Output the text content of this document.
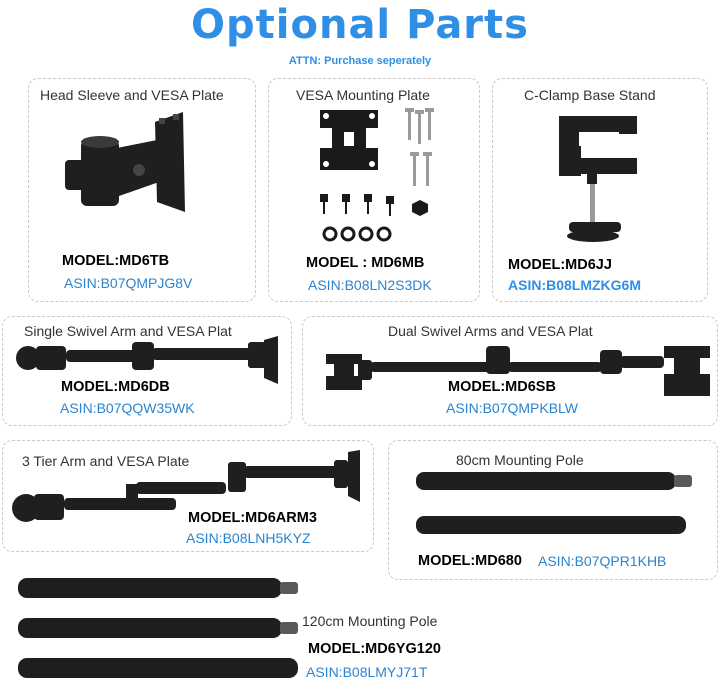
Optional Parts
ATTN: Purchase seperately
Head Sleeve and VESA Plate
MODEL:MD6TB
ASIN:B07QMPJG8V
VESA Mounting Plate
MODEL : MD6MB
ASIN:B08LN2S3DK
C-Clamp Base Stand
MODEL:MD6JJ
ASIN:B08LMZKG6M
Single Swivel Arm and VESA Plat
MODEL:MD6DB
ASIN:B07QQW35WK
Dual Swivel Arms and VESA Plat
MODEL:MD6SB
ASIN:B07QMPKBLW
3 Tier Arm and VESA Plate
MODEL:MD6ARM3
ASIN:B08LNH5KYZ
80cm Mounting Pole
MODEL:MD680 ASIN:B07QPR1KHB
120cm Mounting Pole
MODEL:MD6YG120
ASIN:B08LMYJ71T
